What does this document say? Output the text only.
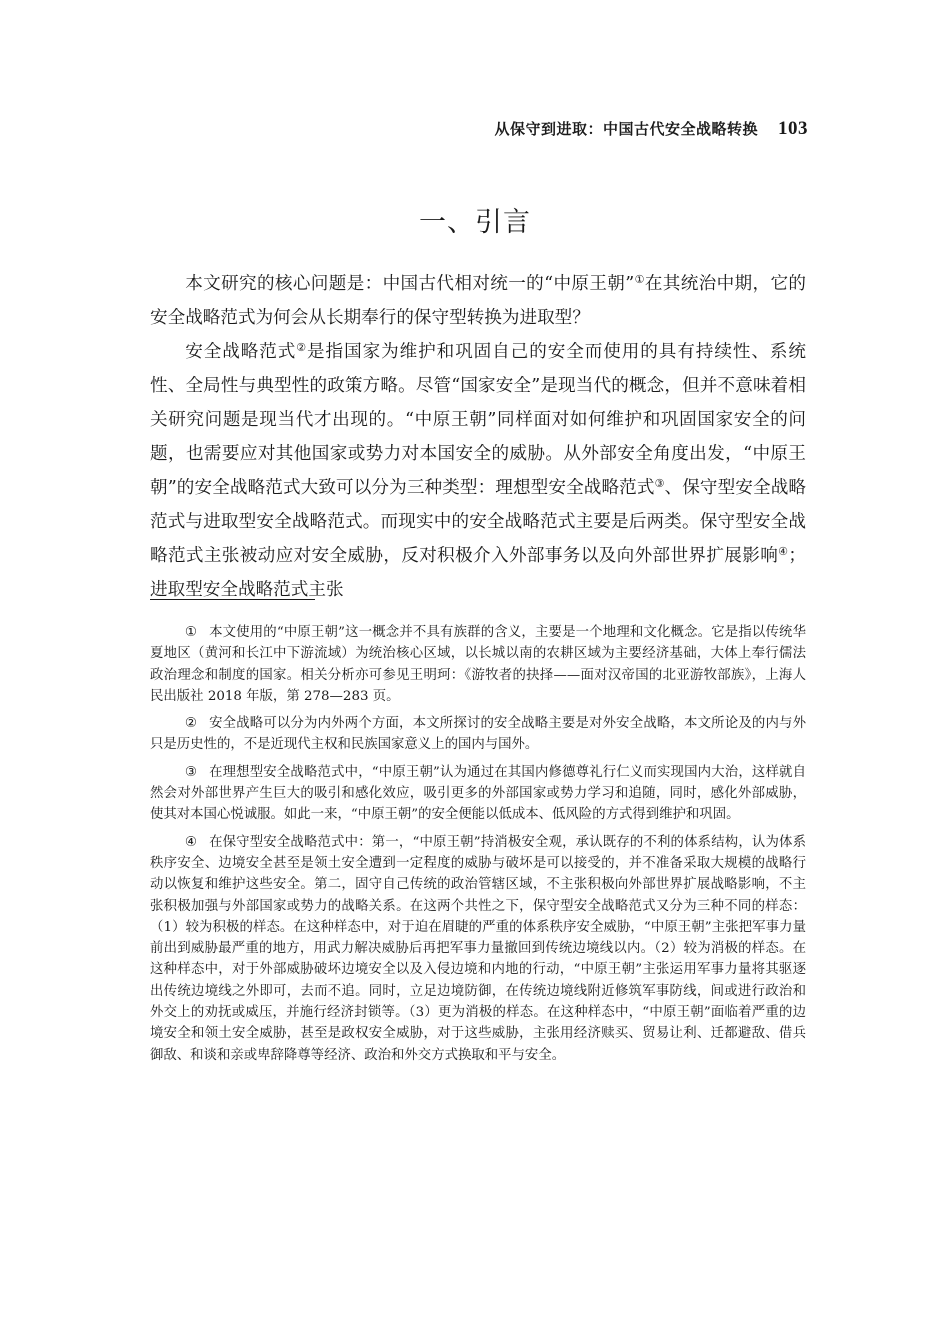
从保守到进取：中国古代安全战略转换 103
一、引言

本文研究的核心问题是：中国古代相对统一的“中原王朝”①在其统治中期，它的安全战略范式为何会从长期奉行的保守型转换为进取型？

安全战略范式②是指国家为维护和巩固自己的安全而使用的具有持续性、系统性、全局性与典型性的政策方略。尽管“国家安全”是现当代的概念，但并不意味着相关研究问题是现当代才出现的。“中原王朝”同样面对如何维护和巩固国家安全的问题，也需要应对其他国家或势力对本国安全的威胁。从外部安全角度出发，“中原王朝”的安全战略范式大致可以分为三种类型：理想型安全战略范式③、保守型安全战略范式与进取型安全战略范式。而现实中的安全战略范式主要是后两类。保守型安全战略范式主张被动应对安全威胁，反对积极介入外部事务以及向外部世界扩展影响④；进取型安全战略范式主张

① 本文使用的“中原王朝”这一概念并不具有族群的含义，主要是一个地理和文化概念。它是指以传统华夏地区（黄河和长江中下游流域）为统治核心区域，以长城以南的农耕区域为主要经济基础，大体上奉行儒法政治理念和制度的国家。相关分析亦可参见王明珂：《游牧者的抉择——面对汉帝国的北亚游牧部族》，上海人民出版社 2018 年版，第 278—283 页。

② 安全战略可以分为内外两个方面，本文所探讨的安全战略主要是对外安全战略，本文所论及的内与外只是历史性的，不是近现代主权和民族国家意义上的国内与国外。

③ 在理想型安全战略范式中，“中原王朝”认为通过在其国内修德尊礼行仁义而实现国内大治，这样就自然会对外部世界产生巨大的吸引和感化效应，吸引更多的外部国家或势力学习和追随，同时，感化外部威胁，使其对本国心悦诚服。如此一来，“中原王朝”的安全便能以低成本、低风险的方式得到维护和巩固。

④ 在保守型安全战略范式中：第一，“中原王朝”持消极安全观，承认既存的不利的体系结构，认为体系秩序安全、边境安全甚至是领土安全遭到一定程度的威胁与破坏是可以接受的，并不准备采取大规模的战略行动以恢复和维护这些安全。第二，固守自己传统的政治管辖区域，不主张积极向外部世界扩展战略影响，不主张积极加强与外部国家或势力的战略关系。在这两个共性之下，保守型安全战略范式又分为三种不同的样态：（1）较为积极的样态。在这种样态中，对于迫在眉睫的严重的体系秩序安全威胁，“中原王朝”主张把军事力量前出到威胁最严重的地方，用武力解决威胁后再把军事力量撤回到传统边境线以内。（2）较为消极的样态。在这种样态中，对于外部威胁破坏边境安全以及入侵边境和内地的行动，“中原王朝”主张运用军事力量将其驱逐出传统边境线之外即可，去而不追。同时，立足边境防御，在传统边境线附近修筑军事防线，间或进行政治和外交上的劝抚或威压，并施行经济封锁等。（3）更为消极的样态。在这种样态中，“中原王朝”面临着严重的边境安全和领土安全威胁，甚至是政权安全威胁，对于这些威胁，主张用经济赎买、贸易让利、迁都避敌、借兵御敌、和谈和亲或卑辞降尊等经济、政治和外交方式换取和平与安全。
